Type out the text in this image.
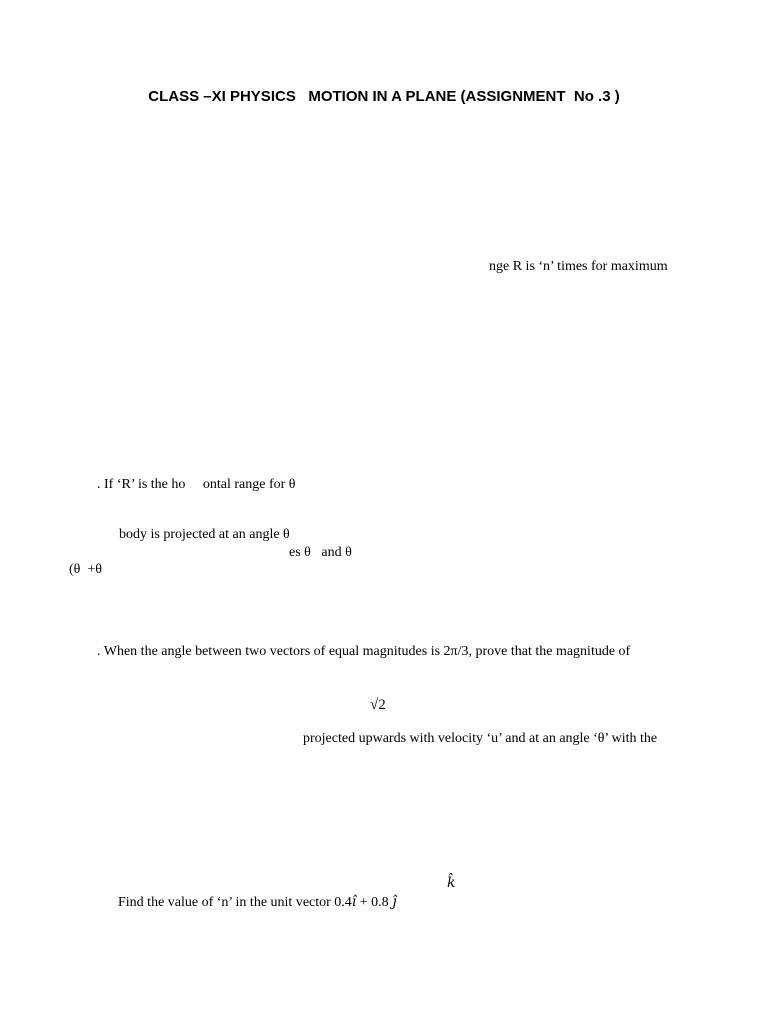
CLASS –XI PHYSICS   MOTION IN A PLANE (ASSIGNMENT  No .3 )
nge R is ‘n’ times for maximum
. If ‘R’ is the ho     ontal range for θ
body is projected at an angle θ
es θ   and θ
(θ  +θ
. When the angle between two vectors of equal magnitudes is 2π/3, prove that the magnitude of
√2
projected upwards with velocity ‘u’ and at an angle ‘θ’ with the

Find the value of ‘n’ in the unit vector 0.4î + 0.8 ĵ

k̂
